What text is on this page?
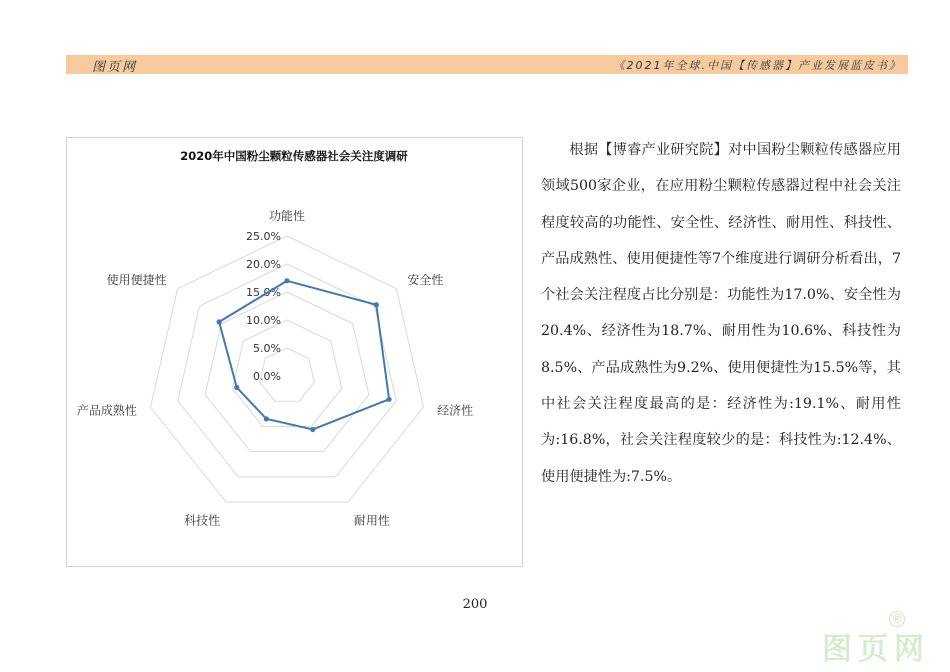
图页网	《2021年全球.中国【传感器】产业发展蓝皮书》
2020年中国粉尘颗粒传感器社会关注度调研
0.0%
5.0%
10.0%
15.0%
20.0%
25.0%
功能性
安全性
经济性
耐用性
科技性
产品成熟性
使用便捷性

根据【博睿产业研究院】对中国粉尘颗粒传感器应用领域500家企业，在应用粉尘颗粒传感器过程中社会关注程度较高的功能性、安全性、经济性、耐用性、科技性、产品成熟性、使用便捷性等7个维度进行调研分析看出，7个社会关注程度占比分别是：功能性为17.0%、安全性为20.4%、经济性为18.7%、耐用性为10.6%、科技性为8.5%、产品成熟性为9.2%、使用便捷性为15.5%等，其中社会关注程度最高的是：经济性为:19.1%、耐用性为:16.8%，社会关注程度较少的是：科技性为:12.4%、使用便捷性为:7.5%。

200
图页网
®
